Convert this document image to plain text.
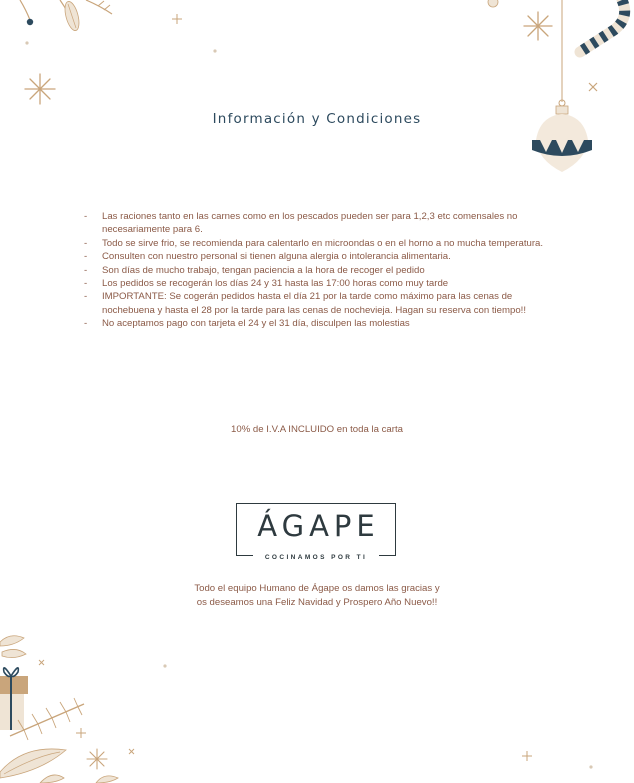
Información y Condiciones
- Las raciones tanto en las carnes como en los pescados pueden ser para 1,2,3 etc comensales no necesariamente para 6.
- Todo se sirve frio, se recomienda para calentarlo en microondas o en el horno a no mucha temperatura.
- Consulten con nuestro personal si tienen alguna alergia o intolerancia alimentaria.
- Son días de mucho trabajo, tengan paciencia a la hora de recoger el pedido
- Los pedidos se recogerán los días 24 y 31 hasta las 17:00 horas como muy tarde
- IMPORTANTE: Se cogerán pedidos hasta el día 21 por la tarde como máximo para las cenas de nochebuena y hasta el 28 por la tarde para las cenas de nochevieja. Hagan su reserva con tiempo!!
- No aceptamos pago con tarjeta el 24 y el 31 día, disculpen las molestias
10% de I.V.A INCLUIDO en toda la carta
ÁGAPE
COCINAMOS POR TI

Todo el equipo Humano de Ágape os damos las gracias y

os deseamos una Feliz Navidad y Prospero Año Nuevo!!
